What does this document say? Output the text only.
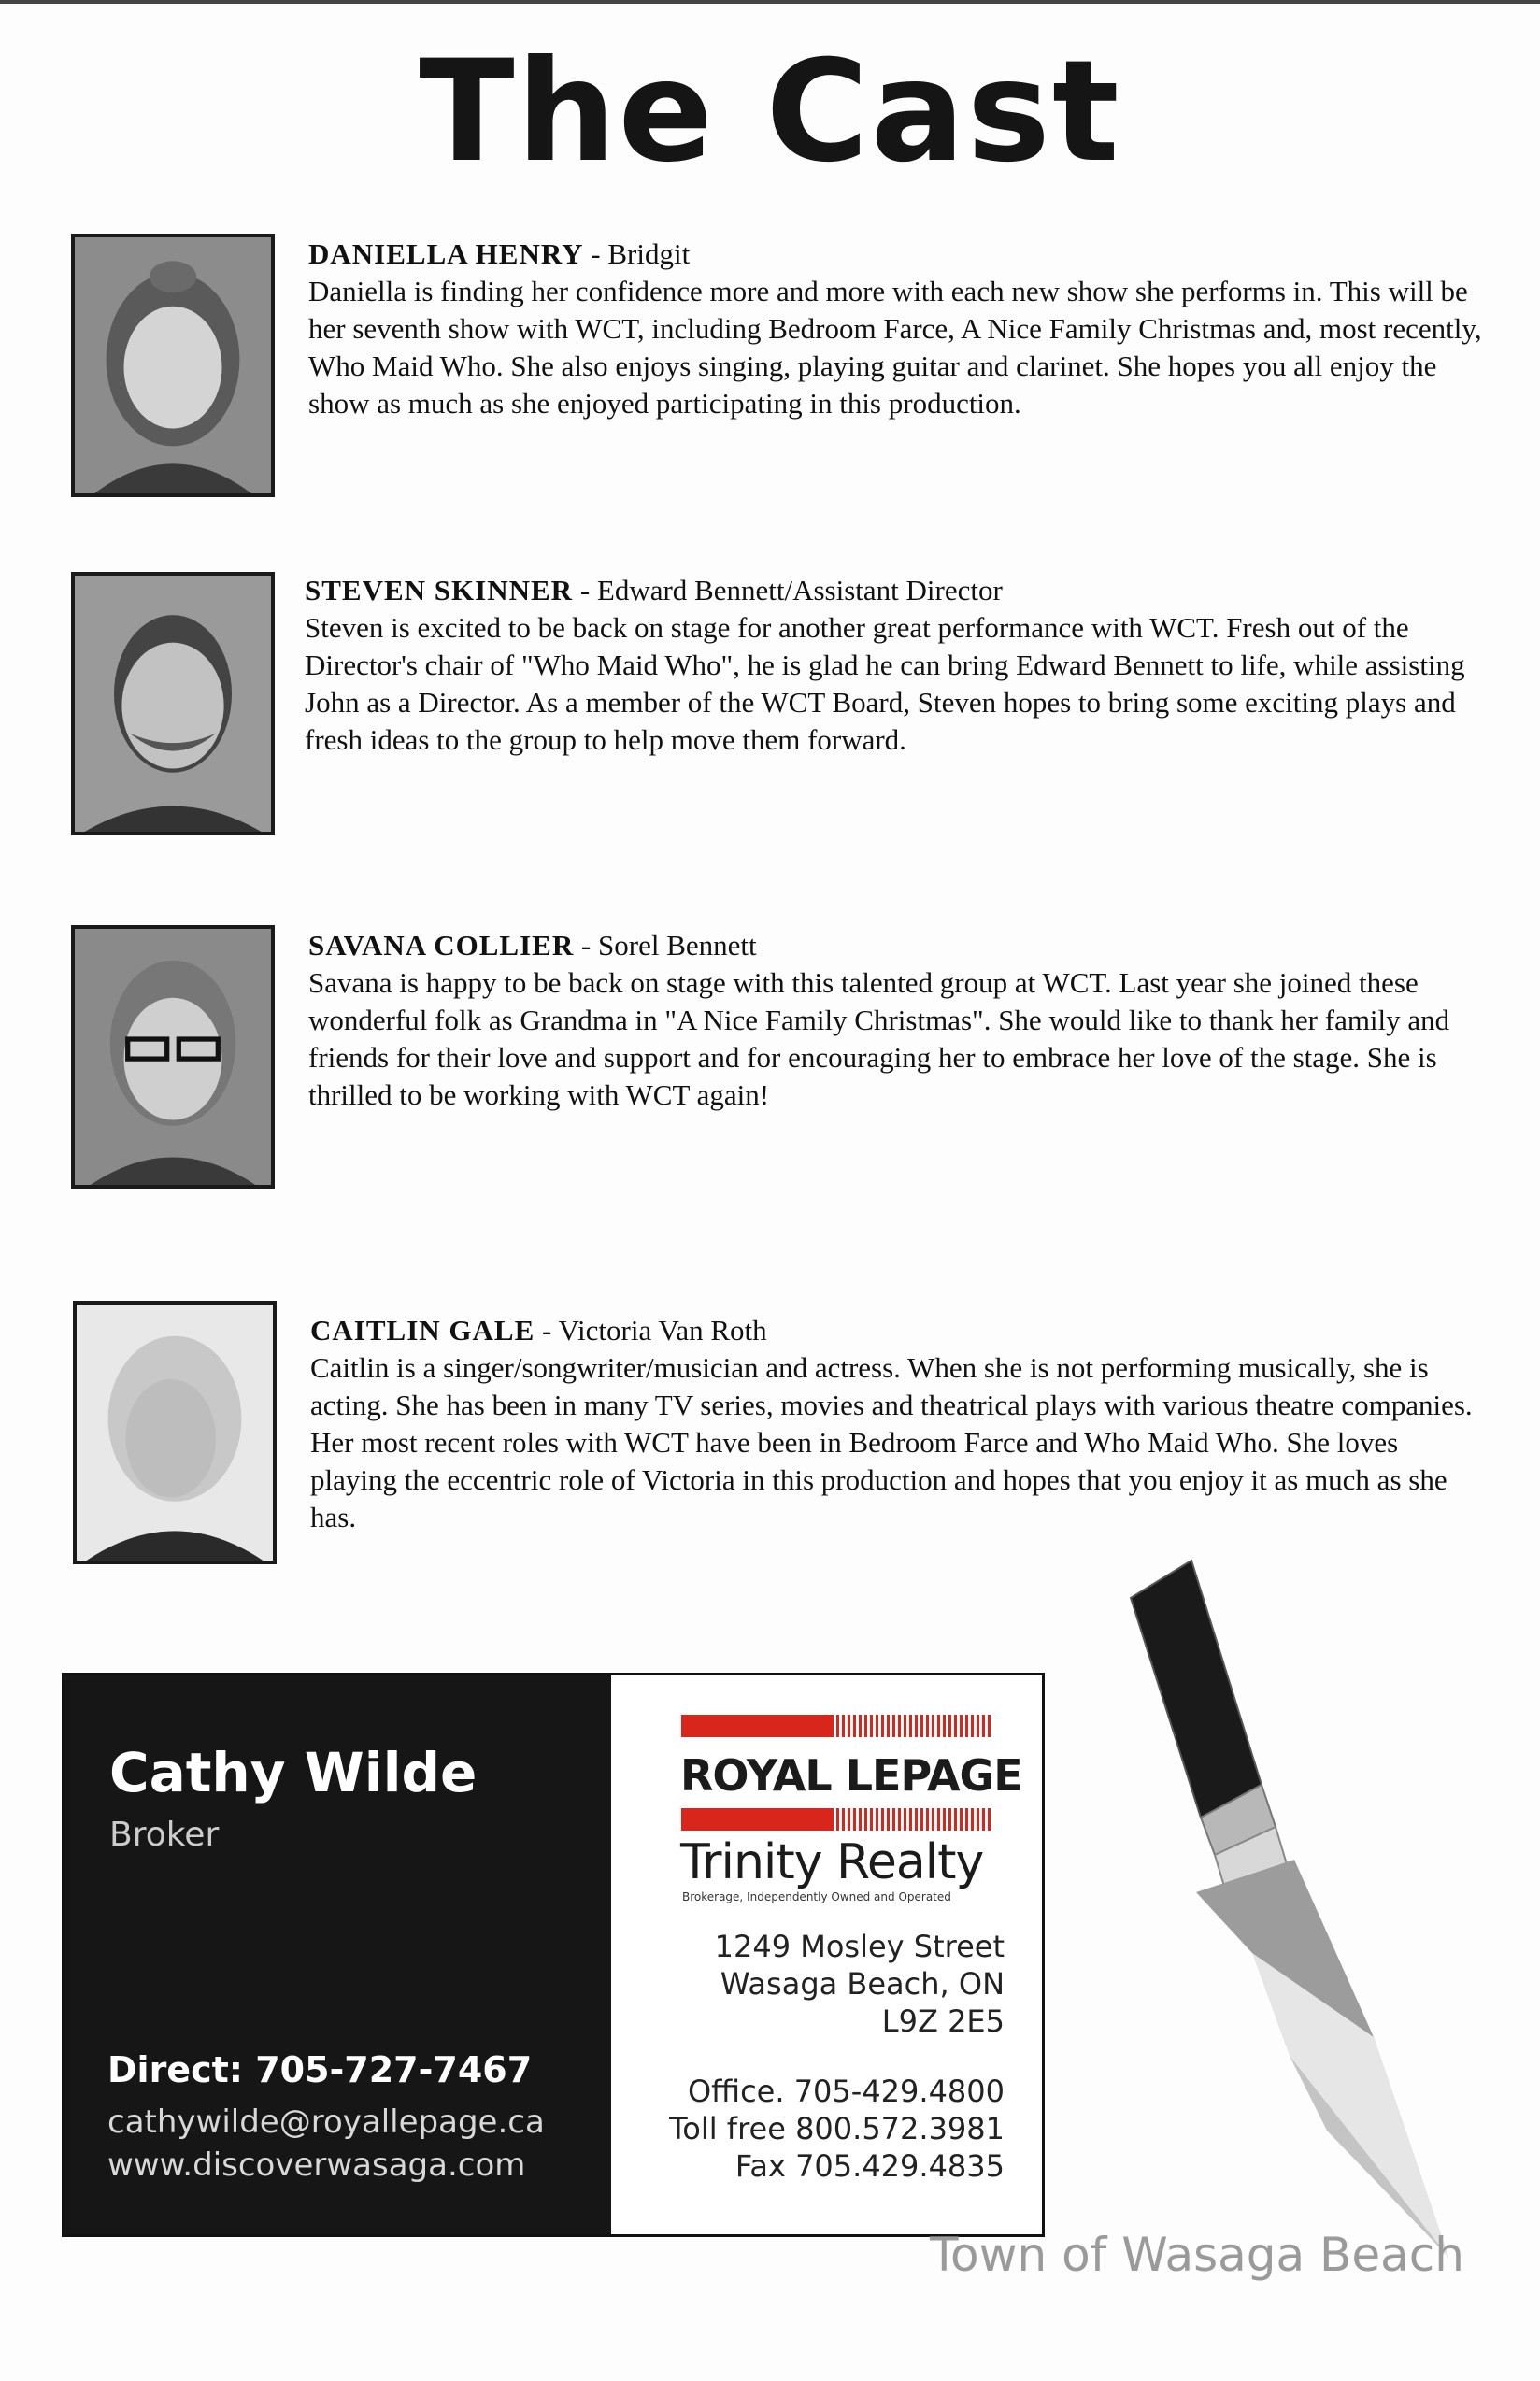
The Cast

DANIELLA HENRY - Bridgit

Daniella is finding her confidence more and more with each new show she performs in. This will be her seventh show with WCT, including Bedroom Farce, A Nice Family Christmas and, most recently, Who Maid Who. She also enjoys singing, playing guitar and clarinet. She hopes you all enjoy the show as much as she enjoyed participating in this production.

STEVEN SKINNER - Edward Bennett/Assistant Director

Steven is excited to be back on stage for another great performance with WCT. Fresh out of the Director's chair of "Who Maid Who", he is glad he can bring Edward Bennett to life, while assisting John as a Director. As a member of the WCT Board, Steven hopes to bring some exciting plays and fresh ideas to the group to help move them forward.

SAVANA COLLIER - Sorel Bennett

Savana is happy to be back on stage with this talented group at WCT. Last year she joined these wonderful folk as Grandma in "A Nice Family Christmas". She would like to thank her family and friends for their love and support and for encouraging her to embrace her love of the stage. She is thrilled to be working with WCT again!

CAITLIN GALE - Victoria Van Roth

Caitlin is a singer/songwriter/musician and actress. When she is not performing musically, she is acting. She has been in many TV series, movies and theatrical plays with various theatre companies. Her most recent roles with WCT have been in Bedroom Farce and Who Maid Who. She loves playing the eccentric role of Victoria in this production and hopes that you enjoy it as much as she has.

Cathy Wilde
Broker
Direct: 705-727-7467
cathywilde@royallepage.ca
www.discoverwasaga.com
ROYAL LEPAGE
Trinity Realty
Brokerage, Independently Owned and Operated
1249 Mosley Street
Wasaga Beach, ON
L9Z 2E5
Office. 705-429.4800
Toll free 800.572.3981
Fax 705.429.4835
Town of Wasaga Beach
